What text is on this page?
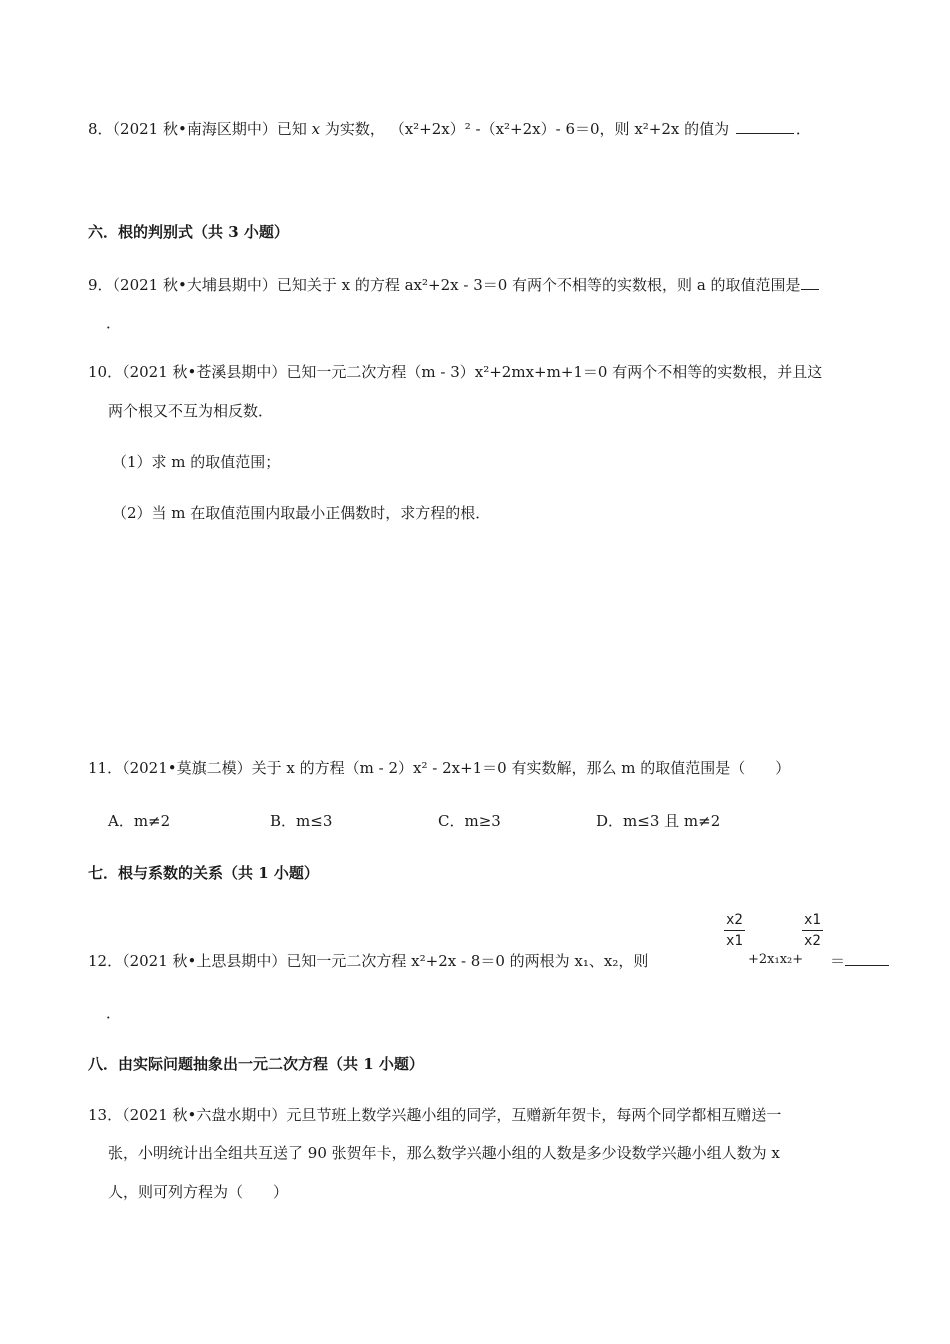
8．（2021 秋•南海区期中）已知 x 为实数， （x²+2x）² ‑（x²+2x）‑ 6＝0，则 x²+2x 的值为	．
六．根的判别式（共 3 小题）
9．（2021 秋•大埔县期中）已知关于 x 的方程 ax²+2x ‑ 3＝0 有两个不相等的实数根，则 a 的取值范围是
．
10．（2021 秋•苍溪县期中）已知一元二次方程（m ‑ 3）x²+2mx+m+1＝0 有两个不相等的实数根，并且这
两个根又不互为相反数．
（1）求 m 的取值范围；
（2）当 m 在取值范围内取最小正偶数时，求方程的根．
11．（2021•莫旗二模）关于 x 的方程（m ‑ 2）x² ‑ 2x+1＝0 有实数解，那么 m 的取值范围是（　　）
A．m≠2	B．m≤3	C．m≥3	D．m≤3 且 m≠2
七．根与系数的关系（共 1 小题）
12．（2021 秋•上思县期中）已知一元二次方程 x²+2x ‑ 8＝0 的两根为 x₁、x₂，则
$\frac{x2}{x1}$
+2x₁x₂+
$\frac{x1}{x2}$
＝
．
八．由实际问题抽象出一元二次方程（共 1 小题）
13．（2021 秋•六盘水期中）元旦节班上数学兴趣小组的同学，互赠新年贺卡，每两个同学都相互赠送一
张，小明统计出全组共互送了 90 张贺年卡，那么数学兴趣小组的人数是多少设数学兴趣小组人数为 x
人，则可列方程为（　　）
